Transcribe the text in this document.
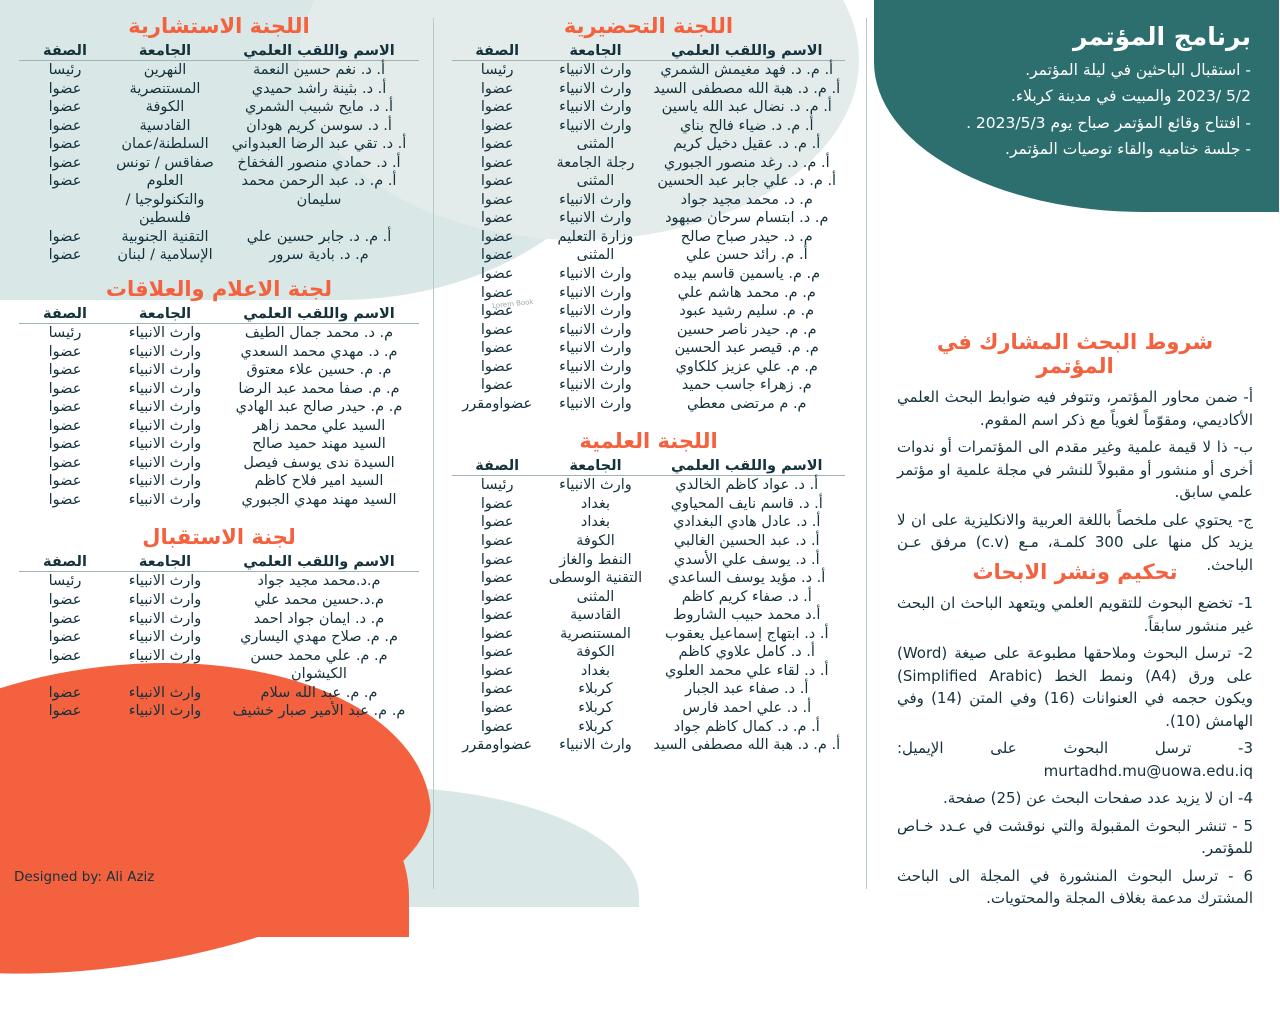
برنامج المؤتمر

- استقبال الباحثين في ليلة المؤتمر.

5/2 /2023 والمبيت في مدينة كربلاء.

- افتتاح وقائع المؤتمر صباح يوم 2023/5/3 .

- جلسة ختاميه والقاء توصيات المؤتمر.

شروط البحث المشارك في المؤتمر

أ- ضمن محاور المؤتمر، وتتوفر فيه ضوابط البحث العلمي الأكاديمي، ومقوّماً لغوياً مع ذكر اسم المقوم.

ب- ذا لا قيمة علمية وغير مقدم الى المؤتمرات أو ندوات أخرى أو منشور أو مقبولاً للنشر في مجلة علمية او مؤتمر علمي سابق.

ج- يحتوي على ملخصاً باللغة العربية والانكليزية على ان لا يزيد كل منها على 300 كلمـة، مـع (c.v) مرفق عـن الباحث.

تحكيم ونشر الابحاث

1- تخضع البحوث للتقويم العلمي ويتعهد الباحث ان البحث غير منشور سابقاً.

2- ترسل البحوث وملاحقها مطبوعة على صيغة (Word) على ورق (A4) ونمط الخط (Simplified Arabic) ويكون حجمه في العنوانات (16) وفي المتن (14) وفي الهامش (10).

3- ترسل البحوث على الإيميل: murtadhd.mu@uowa.edu.iq

4- ان لا يزيد عدد صفحات البحث عن (25) صفحة.

5 - تنشر البحوث المقبولة والتي نوقشت في عـدد خـاص للمؤتمر.

6 - ترسل البحوث المنشورة في المجلة الى الباحث المشترك مدعمة بغلاف المجلة والمحتويات.

اللجنة التحضيرية
الاسم واللقب العلمي	الجامعة	الصفة
أ. م. د. فهد مغيمش الشمري	وارث الانبياء	رئيسا
أ. م. د. هبة الله مصطفى السيد	وارث الانبياء	عضوا
أ. م. د. نضال عبد الله ياسين	وارث الانبياء	عضوا
أ. م. د. ضياء فالح بناي	وارث الانبياء	عضوا
أ. م. د. عقيل دخيل كريم	المثنى	عضوا
أ. م. د. رغد منصور الجبوري	رجلة الجامعة	عضوا
أ. م. د. علي جابر عبد الحسين	المثنى	عضوا
م. د. محمد مجيد جواد	وارث الانبياء	عضوا
م. د. ابتسام سرحان صبهود	وارث الانبياء	عضوا
م. د. حيدر صباح صالح	وزارة التعليم	عضوا
أ. م. رائد حسن علي	المثنى	عضوا
م. م. ياسمين قاسم بيده	وارث الانبياء	عضوا
م. م. محمد هاشم علي	وارث الانبياء	عضوا
م. م. سليم رشيد عبود	وارث الانبياء	عضوا
م. م. حيدر ناصر حسين	وارث الانبياء	عضوا
م. م. قيصر عبد الحسين	وارث الانبياء	عضوا
م. م. علي عزيز كلكاوي	وارث الانبياء	عضوا
م. زهراء جاسب حميد	وارث الانبياء	عضوا
م. م مرتضى معطي	وارث الانبياء	عضواومقرر
اللجنة العلمية
الاسم واللقب العلمي	الجامعة	الصفة
أ. د. عواد كاظم الخالدي	وارث الانبياء	رئيسا
أ. د. قاسم نايف المحياوي	بغداد	عضوا
أ. د. عادل هادي البغدادي	بغداد	عضوا
أ. د. عبد الحسين الغالبي	الكوفة	عضوا
أ. د. يوسف علي الأسدي	النفط والغاز	عضوا
أ. د. مؤيد يوسف الساعدي	التقنية الوسطى	عضوا
أ. د. صفاء كريم كاظم	المثنى	عضوا
أ.د محمد حبيب الشاروط	القادسية	عضوا
أ. د. ابتهاج إسماعيل يعقوب	المستنصرية	عضوا
أ. د. كامل علاوي كاظم	الكوفة	عضوا
أ. د. لقاء علي محمد العلوي	بغداد	عضوا
أ. د. صفاء عبد الجبار	كربلاء	عضوا
أ. د. علي احمد فارس	كربلاء	عضوا
أ. م. د. كمال كاظم جواد	كربلاء	عضوا
أ. م. د. هبة الله مصطفى السيد	وارث الانبياء	عضواومقرر
اللجنة الاستشارية
الاسم واللقب العلمي	الجامعة	الصفة
أ. د. نغم حسين النعمة	النهرين	رئيسا
أ. د. بثينة راشد حميدي	المستنصرية	عضوا
أ. د. مايح شبيب الشمري	الكوفة	عضوا
أ. د. سوسن كريم هودان	القادسية	عضوا
أ. د. تقي عبد الرضا العبدواني	السلطنة/عمان	عضوا
أ. د. حمادي منصور الفخفاخ	صفاقس / تونس	عضوا
أ. م. د. عبد الرحمن محمد سليمان	العلوم والتكنولوجيا / فلسطين	عضوا
أ. م. د. جابر حسين علي	التقنية الجنوبية	عضوا
م. د. بادية سرور	الإسلامية / لبنان	عضوا
لجنة الاعلام والعلاقات
الاسم واللقب العلمي	الجامعة	الصفة
م. د. محمد جمال الطيف	وارث الانبياء	رئيسا
م. د. مهدي محمد السعدي	وارث الانبياء	عضوا
م. م. حسين علاء معتوق	وارث الانبياء	عضوا
م. م. صفا محمد عبد الرضا	وارث الانبياء	عضوا
م. م. حيدر صالح عبد الهادي	وارث الانبياء	عضوا
السيد علي محمد زاهر	وارث الانبياء	عضوا
السيد مهند حميد صالح	وارث الانبياء	عضوا
السيدة ندى يوسف فيصل	وارث الانبياء	عضوا
السيد امير فلاح كاظم	وارث الانبياء	عضوا
السيد مهند مهدي الجبوري	وارث الانبياء	عضوا
لجنة الاستقبال
الاسم واللقب العلمي	الجامعة	الصفة
م.د.محمد مجيد جواد	وارث الانبياء	رئيسا
م.د.حسين محمد علي	وارث الانبياء	عضوا
م. د. ايمان جواد احمد	وارث الانبياء	عضوا
م. م. صلاح مهدي اليساري	وارث الانبياء	عضوا
م. م. علي محمد حسن الكيشوان	وارث الانبياء	عضوا
م. م. عبد الله سلام	وارث الانبياء	عضوا
م. م. عبد الأمير صبار خشيف	وارث الانبياء	عضوا
Lorem Book
Designed by: Ali Aziz
